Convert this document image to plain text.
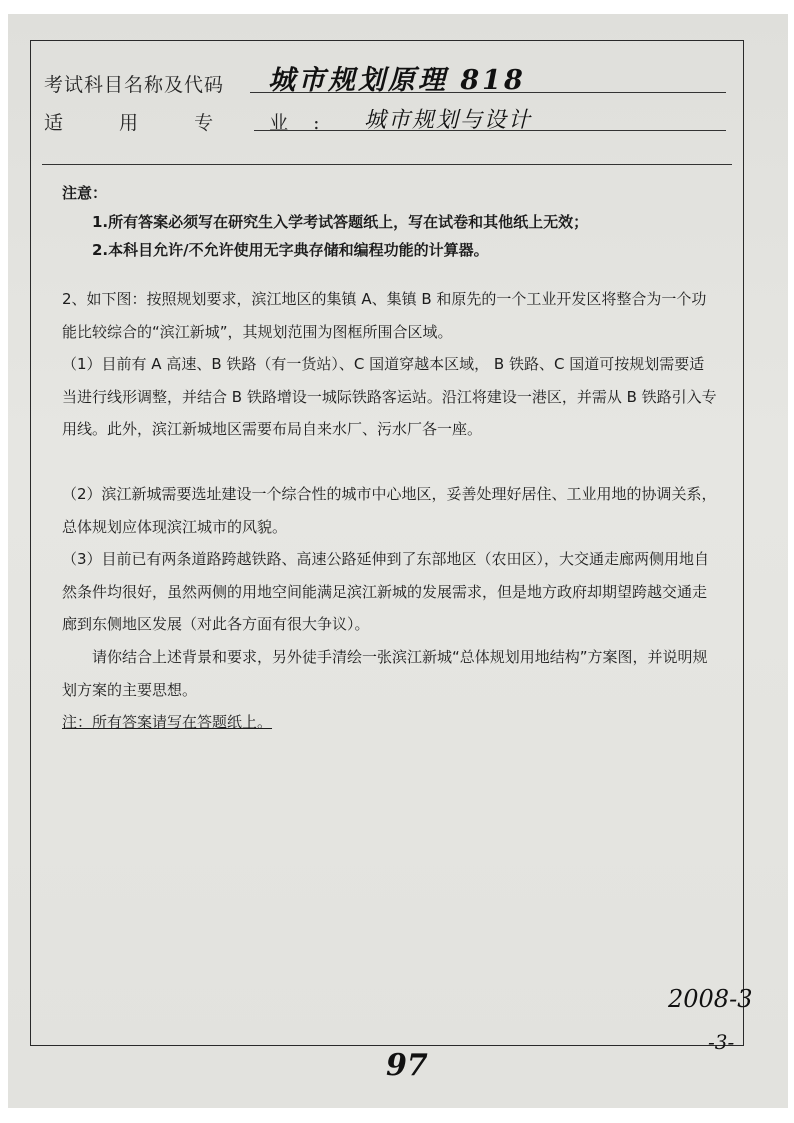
考试科目名称及代码 城市规划原理 818
适 用 专 业: 城市规划与设计
注意：
1.所有答案必须写在研究生入学考试答题纸上，写在试卷和其他纸上无效；
2.本科目允许/不允许使用无字典存储和编程功能的计算器。
2、如下图：按照规划要求，滨江地区的集镇 A、集镇 B 和原先的一个工业开发区将整合为一个功能比较综合的“滨江新城”，其规划范围为图框所围合区域。
（1）目前有 A 高速、B 铁路（有一货站）、C 国道穿越本区域， B 铁路、C 国道可按规划需要适当进行线形调整，并结合 B 铁路增设一城际铁路客运站。沿江将建设一港区，并需从 B 铁路引入专用线。此外，滨江新城地区需要布局自来水厂、污水厂各一座。
（2）滨江新城需要选址建设一个综合性的城市中心地区，妥善处理好居住、工业用地的协调关系，总体规划应体现滨江城市的风貌。
（3）目前已有两条道路跨越铁路、高速公路延伸到了东部地区（农田区），大交通走廊两侧用地自然条件均很好，虽然两侧的用地空间能满足滨江新城的发展需求，但是地方政府却期望跨越交通走廊到东侧地区发展（对此各方面有很大争议）。
请你结合上述背景和要求，另外徒手清绘一张滨江新城“总体规划用地结构”方案图，并说明规划方案的主要思想。
注：所有答案请写在答题纸上。
2008-3
-3-
97
